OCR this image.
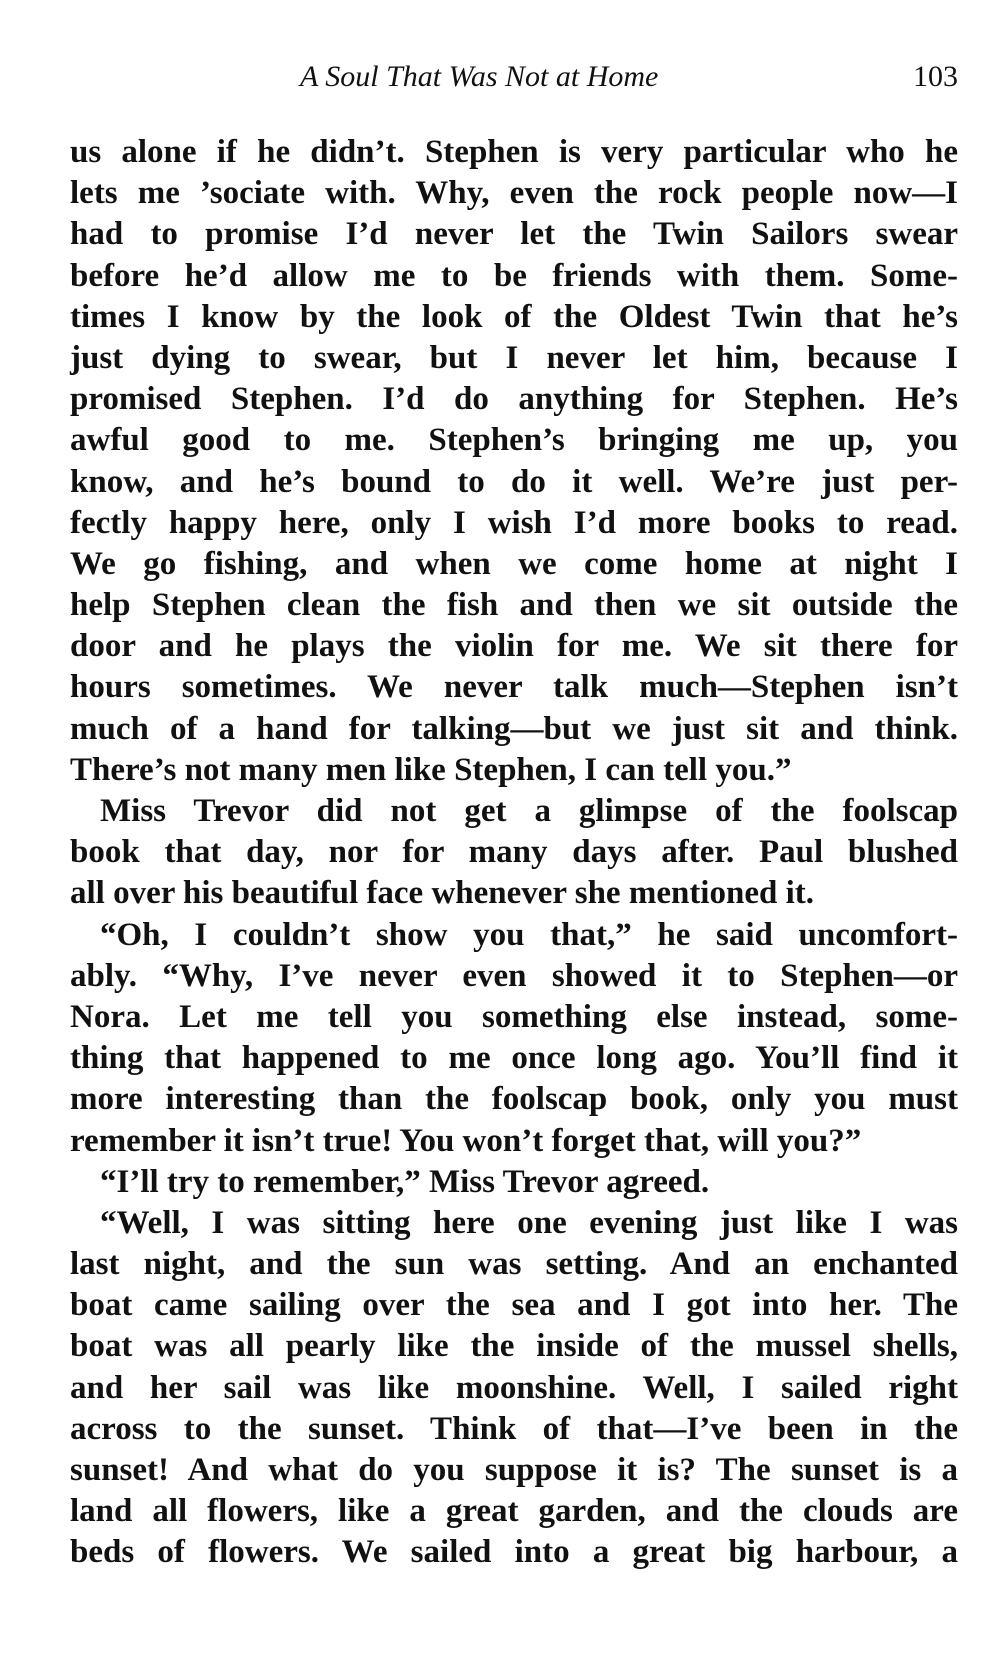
A Soul That Was Not at Home	103
us alone if he didn’t. Stephen is very particular who he
lets me ’sociate with. Why, even the rock people now—I
had to promise I’d never let the Twin Sailors swear
before he’d allow me to be friends with them. Some-
times I know by the look of the Oldest Twin that he’s
just dying to swear, but I never let him, because I
promised Stephen. I’d do anything for Stephen. He’s
awful good to me. Stephen’s bringing me up, you
know, and he’s bound to do it well. We’re just per-
fectly happy here, only I wish I’d more books to read.
We go fishing, and when we come home at night I
help Stephen clean the fish and then we sit outside the
door and he plays the violin for me. We sit there for
hours sometimes. We never talk much—Stephen isn’t
much of a hand for talking—but we just sit and think.
There’s not many men like Stephen, I can tell you.”
Miss Trevor did not get a glimpse of the foolscap
book that day, nor for many days after. Paul blushed
all over his beautiful face whenever she mentioned it.
“Oh, I couldn’t show you that,” he said uncomfort-
ably. “Why, I’ve never even showed it to Stephen—or
Nora. Let me tell you something else instead, some-
thing that happened to me once long ago. You’ll find it
more interesting than the foolscap book, only you must
remember it isn’t true! You won’t forget that, will you?”
“I’ll try to remember,” Miss Trevor agreed.
“Well, I was sitting here one evening just like I was
last night, and the sun was setting. And an enchanted
boat came sailing over the sea and I got into her. The
boat was all pearly like the inside of the mussel shells,
and her sail was like moonshine. Well, I sailed right
across to the sunset. Think of that—I’ve been in the
sunset! And what do you suppose it is? The sunset is a
land all flowers, like a great garden, and the clouds are
beds of flowers. We sailed into a great big harbour, a
